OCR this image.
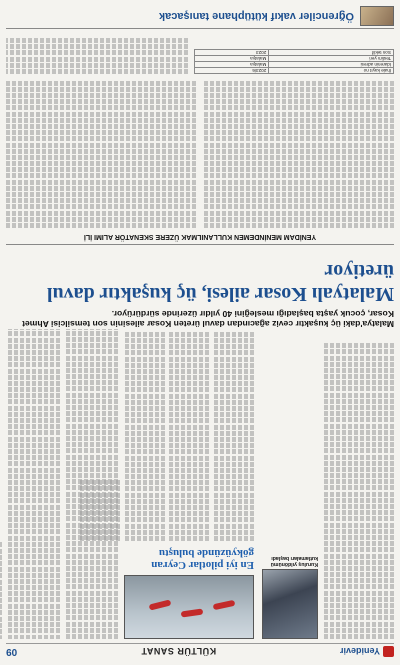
Yenidevir
KÜLTÜR SANAT
09
Kuruluş yıldönümü kutlamaları başladı
En iyi pilotlar Ceyran gökyüzünde buluştu
Malatya'daki üç kuşaktır ceviz ağacından davul üreten Kosar ailesinin son temsilcisi Ahmet Kosar, çocuk yaşta başladığı mesleğini 40 yıldır üzerinde sürdürüyor.
Malatyalı Kosar ailesi, üç kuşaktır davul üretiyor
YENİDAM MENİNDEMEN KULLANILMAK ÜZERE SKENATÖR ALIMI İLİ
İhale kayıt no	2023/6
İdarenin adresi	Malatya
Teslim yeri	Malatya
Son teklif	2023
Öğrenciler vakıf kütüphane tanışacak
